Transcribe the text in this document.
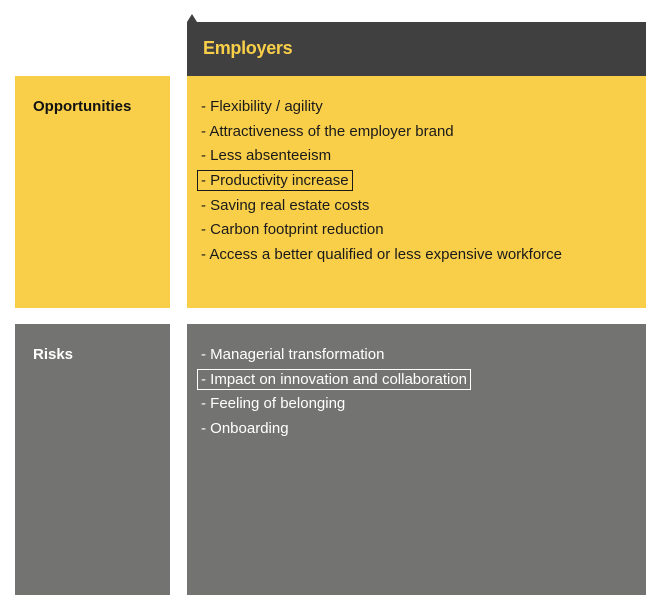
Employers
Opportunities	- Flexibility / agility
- Attractiveness of the employer brand
- Less absenteeism
- Productivity increase
- Saving real estate costs
- Carbon footprint reduction
- Access a better qualified or less expensive workforce
Risks	- Managerial transformation
- Impact on innovation and collaboration
- Feeling of belonging
- Onboarding
